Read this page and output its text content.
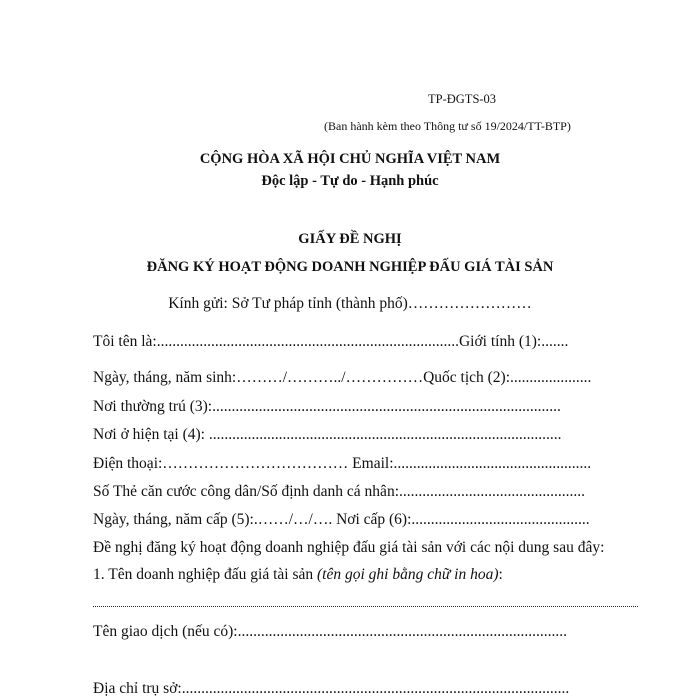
TP-ĐGTS-03
(Ban hành kèm theo Thông tư số 19/2024/TT-BTP)
CỘNG HÒA XÃ HỘI CHỦ NGHĨA VIỆT NAM
Độc lập - Tự do - Hạnh phúc
GIẤY ĐỀ NGHỊ
ĐĂNG KÝ HOẠT ĐỘNG DOANH NGHIỆP ĐẤU GIÁ TÀI SẢN
Kính gửi: Sở Tư pháp tỉnh (thành phố)……………………
Tôi tên là:..............................................................................Giới tính (1):.......
Ngày, tháng, năm sinh:………/………../……………Quốc tịch (2):.....................
Nơi thường trú (3):..........................................................................................
Nơi ở hiện tại (4): ...........................................................................................
Điện thoại:……………………………… Email:...................................................
Số Thẻ căn cước công dân/Số định danh cá nhân:................................................
Ngày, tháng, năm cấp (5):.……/…/…. Nơi cấp (6):..............................................
Đề nghị đăng ký hoạt động doanh nghiệp đấu giá tài sản với các nội dung sau đây:
1. Tên doanh nghiệp đấu giá tài sản (tên gọi ghi bằng chữ in hoa):
Tên giao dịch (nếu có):.....................................................................................
Địa chỉ trụ sở:....................................................................................................
